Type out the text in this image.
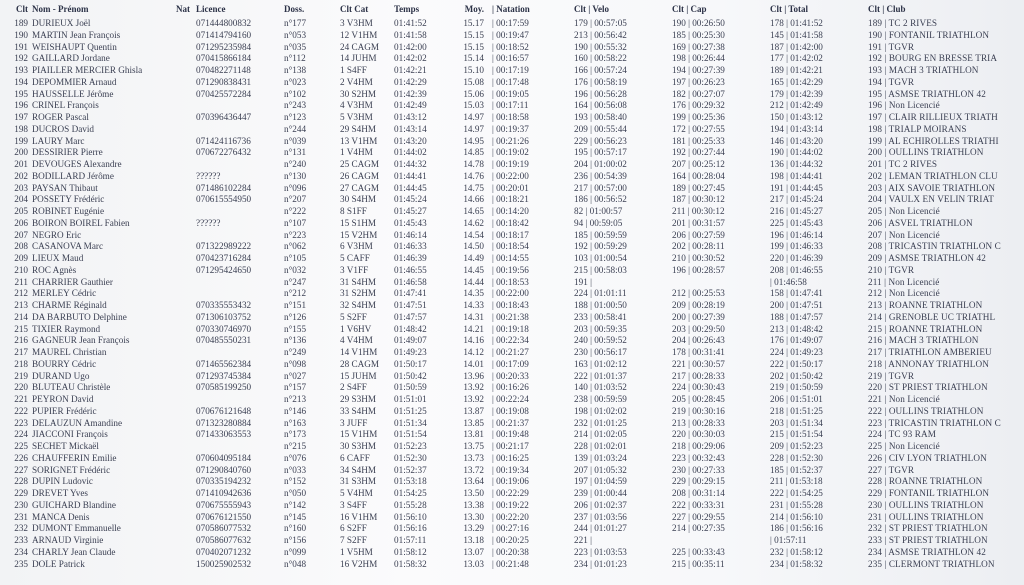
Clt Nom - Prénom	Nat Licence	Doss.	Clt Cat	Temps	Moy. | Natation	Clt | Velo	Clt | Cap	Clt | Total	Clt | Club
189 DURIEUX Joël	071444800832	n°177	3 V3HM	01:41:52	15.17 | 00:17:59	179 | 00:57:05	190 | 00:26:50	178 | 01:41:52	189 | TC 2 RIVES
190 MARTIN Jean François	071414794160	n°053	12 V1HM	01:41:58	15.15 | 00:19:47	213 | 00:56:42	185 | 00:25:30	145 | 01:41:58	190 | FONTANIL TRIATHLON
191 WEISHAUPT Quentin	071295235984	n°035	24 CAGM	01:42:00	15.15 | 00:18:52	190 | 00:55:32	169 | 00:27:38	187 | 01:42:00	191 | TGVR
192 GAILLARD Jordane	070415866184	n°112	14 JUHM	01:42:02	15.14 | 00:16:57	160 | 00:58:22	198 | 00:26:44	177 | 01:42:02	192 | BOURG EN BRESSE TRIA
193 PIAILLER MERCIER Ghisla	070482271148	n°138	1 S4FF	01:42:21	15.10 | 00:17:19	166 | 00:57:24	194 | 00:27:39	189 | 01:42:21	193 | MACH 3 TRIATHLON
194 DEPOMMIER Arnaud	071290838431	n°023	2 V4HM	01:42:29	15.08 | 00:17:48	176 | 00:58:19	197 | 00:26:23	165 | 01:42:29	194 | TGVR
195 HAUSSELLE Jérôme	070425572284	n°102	30 S2HM	01:42:39	15.06 | 00:19:05	196 | 00:56:28	182 | 00:27:07	179 | 01:42:39	195 | ASMSE TRIATHLON 42
196 CRINEL François	n°243	4 V3HM	01:42:49	15.03 | 00:17:11	164 | 00:56:08	176 | 00:29:32	212 | 01:42:49	196 | Non Licencié
197 ROGER Pascal	070396436447	n°123	5 V3HM	01:43:12	14.97 | 00:18:58	193 | 00:58:40	199 | 00:25:36	150 | 01:43:12	197 | CLAIR RILLIEUX TRIATH
198 DUCROS David	n°244	29 S4HM	01:43:14	14.97 | 00:19:37	209 | 00:55:44	172 | 00:27:55	194 | 01:43:14	198 | TRIALP MOIRANS
199 LAURY Marc	071424116736	n°039	13 V1HM	01:43:20	14.95 | 00:21:26	229 | 00:56:23	181 | 00:25:33	146 | 01:43:20	199 | AL ECHIROLLES TRIATHI
200 DESSIRIER Pierre	070672276432	n°131	1 V4HM	01:44:02	14.85 | 00:19:02	195 | 00:57:17	192 | 00:27:44	190 | 01:44:02	200 | OULLINS TRIATHLON
201 DEVOUGES Alexandre	n°240	25 CAGM	01:44:32	14.78 | 00:19:19	204 | 01:00:02	207 | 00:25:12	136 | 01:44:32	201 | TC 2 RIVES
202 BODILLARD Jérôme	??????	n°130	26 CAGM	01:44:41	14.76 | 00:22:00	236 | 00:54:39	164 | 00:28:04	198 | 01:44:41	202 | LEMAN TRIATHLON CLU
203 PAYSAN Thibaut	071486102284	n°096	27 CAGM	01:44:45	14.75 | 00:20:01	217 | 00:57:00	189 | 00:27:45	191 | 01:44:45	203 | AIX SAVOIE TRIATHLON
204 POSSETY Frédéric	070615554950	n°207	30 S4HM	01:45:24	14.66 | 00:18:21	186 | 00:56:52	187 | 00:30:12	217 | 01:45:24	204 | VAULX EN VELIN TRIAT
205 ROBINET Eugénie	n°222	8 S1FF	01:45:27	14.65 | 00:14:20	82 | 01:00:57	211 | 00:30:12	216 | 01:45:27	205 | Non Licencié
206 BOIRON BOIREL Fabien	??????	n°107	15 S1HM	01:45:43	14.62 | 00:18:42	94 | 00:59:05	201 | 00:31:57	225 | 01:45:43	206 | ASVEL TRIATHLON
207 NEGRO Eric	n°223	15 V2HM	01:46:14	14.54 | 00:18:17	185 | 00:59:59	206 | 00:27:59	196 | 01:46:14	207 | Non Licencié
208 CASANOVA Marc	071322989222	n°062	6 V3HM	01:46:33	14.50 | 00:18:54	192 | 00:59:29	202 | 00:28:11	199 | 01:46:33	208 | TRICASTIN TRIATHLON C
209 LIEUX Maud	070423716284	n°105	5 CAFF	01:46:39	14.49 | 00:14:55	103 | 01:00:54	210 | 00:30:52	220 | 01:46:39	209 | ASMSE TRIATHLON 42
210 ROC Agnès	071295424650	n°032	3 V1FF	01:46:55	14.45 | 00:19:56	215 | 00:58:03	196 | 00:28:57	208 | 01:46:55	210 | TGVR
211 CHARRIER Gauthier	n°247	31 S4HM	01:46:58	14.44 | 00:18:53	191 |	| 01:46:58	211 | Non Licencié
212 MERLEY Cédric	n°212	31 S2HM	01:47:41	14.35 | 00:22:00	224 | 01:01:11	212 | 00:25:53	158 | 01:47:41	212 | Non Licencié
213 CHARME Réginald	070335553432	n°151	32 S4HM	01:47:51	14.33 | 00:18:43	188 | 01:00:50	209 | 00:28:19	200 | 01:47:51	213 | ROANNE TRIATHLON
214 DA BARBUTO Delphine	071306103752	n°126	5 S2FF	01:47:57	14.31 | 00:21:38	233 | 00:58:41	200 | 00:27:39	188 | 01:47:57	214 | GRENOBLE UC TRIATHL
215 TIXIER Raymond	070330746970	n°155	1 V6HV	01:48:42	14.21 | 00:19:18	203 | 00:59:35	203 | 00:29:50	213 | 01:48:42	215 | ROANNE TRIATHLON
216 GAGNEUR Jean François	070485550231	n°136	4 V4HM	01:49:07	14.16 | 00:22:34	240 | 00:59:52	204 | 00:26:43	176 | 01:49:07	216 | MACH 3 TRIATHLON
217 MAUREL Christian	n°249	14 V1HM	01:49:23	14.12 | 00:21:27	230 | 00:56:17	178 | 00:31:41	224 | 01:49:23	217 | TRIATHLON AMBERIEU
218 BOURRY Cédric	071465562384	n°098	28 CAGM	01:50:17	14.01 | 00:17:09	163 | 01:02:12	221 | 00:30:57	222 | 01:50:17	218 | ANNONAY TRIATHLON
219 DURAND Ugo	071293745384	n°027	15 JUHM	01:50:42	13.96 | 00:20:33	222 | 01:01:37	217 | 00:28:33	202 | 01:50:42	219 | TGVR
220 BLUTEAU Christèle	070585199250	n°157	2 S4FF	01:50:59	13.92 | 00:16:26	140 | 01:03:52	224 | 00:30:43	219 | 01:50:59	220 | ST PRIEST TRIATHLON
221 PEYRON David	n°213	29 S3HM	01:51:01	13.92 | 00:22:24	238 | 00:59:59	205 | 00:28:45	206 | 01:51:01	221 | Non Licencié
222 PUPIER Frédéric	070676121648	n°146	33 S4HM	01:51:25	13.87 | 00:19:08	198 | 01:02:02	219 | 00:30:16	218 | 01:51:25	222 | OULLINS TRIATHLON
223 DELAUZUN Amandine	071323280884	n°163	3 JUFF	01:51:34	13.85 | 00:21:37	232 | 01:01:25	213 | 00:28:33	203 | 01:51:34	223 | TRICASTIN TRIATHLON C
224 JIACCONI François	071433063553	n°173	15 V1HM	01:51:54	13.81 | 00:19:48	214 | 01:02:05	220 | 00:30:03	215 | 01:51:54	224 | TC 93 RAM
225 SECHET Mickaël	n°215	30 S3HM	01:52:23	13.75 | 00:21:17	228 | 01:02:01	218 | 00:29:06	209 | 01:52:23	225 | Non Licencié
226 CHAUFFERIN Emilie	070604095184	n°076	6 CAFF	01:52:30	13.73 | 00:16:25	139 | 01:03:24	223 | 00:32:43	228 | 01:52:30	226 | CIV LYON TRIATHLON
227 SORIGNET Frédéric	071290840760	n°033	34 S4HM	01:52:37	13.72 | 00:19:34	207 | 01:05:32	230 | 00:27:33	185 | 01:52:37	227 | TGVR
228 DUPIN Ludovic	070335194232	n°152	31 S3HM	01:53:18	13.64 | 00:19:06	197 | 01:04:59	229 | 00:29:15	211 | 01:53:18	228 | ROANNE TRIATHLON
229 DREVET Yves	071410942636	n°050	5 V4HM	01:54:25	13.50 | 00:22:29	239 | 01:00:44	208 | 00:31:14	222 | 01:54:25	229 | FONTANIL TRIATHLON
230 GUICHARD Blandine	070675555943	n°142	3 S4FF	01:55:28	13.38 | 00:19:22	206 | 01:02:37	222 | 00:33:31	231 | 01:55:28	230 | OULLINS TRIATHLON
231 MANCA Denis	070676121550	n°145	16 V1HM	01:56:10	13.30 | 00:22:20	237 | 01:03:56	227 | 00:29:55	214 | 01:56:10	231 | OULLINS TRIATHLON
232 DUMONT Emmanuelle	070586077532	n°160	6 S2FF	01:56:16	13.29 | 00:27:16	244 | 01:01:27	214 | 00:27:35	186 | 01:56:16	232 | ST PRIEST TRIATHLON
233 ARNAUD Virginie	070586077632	n°156	7 S2FF	01:57:11	13.18 | 00:20:25	221 |	| 01:57:11	233 | ST PRIEST TRIATHLON
234 CHARLY Jean Claude	070402071232	n°099	1 V5HM	01:58:12	13.07 | 00:20:38	223 | 01:03:53	225 | 00:33:43	232 | 01:58:12	234 | ASMSE TRIATHLON 42
235 DOLE Patrick	150025902532	n°048	16 V2HM	01:58:32	13.03 | 00:21:48	234 | 01:01:23	215 | 00:35:11	234 | 01:58:32	235 | CLERMONT TRIATHLON
